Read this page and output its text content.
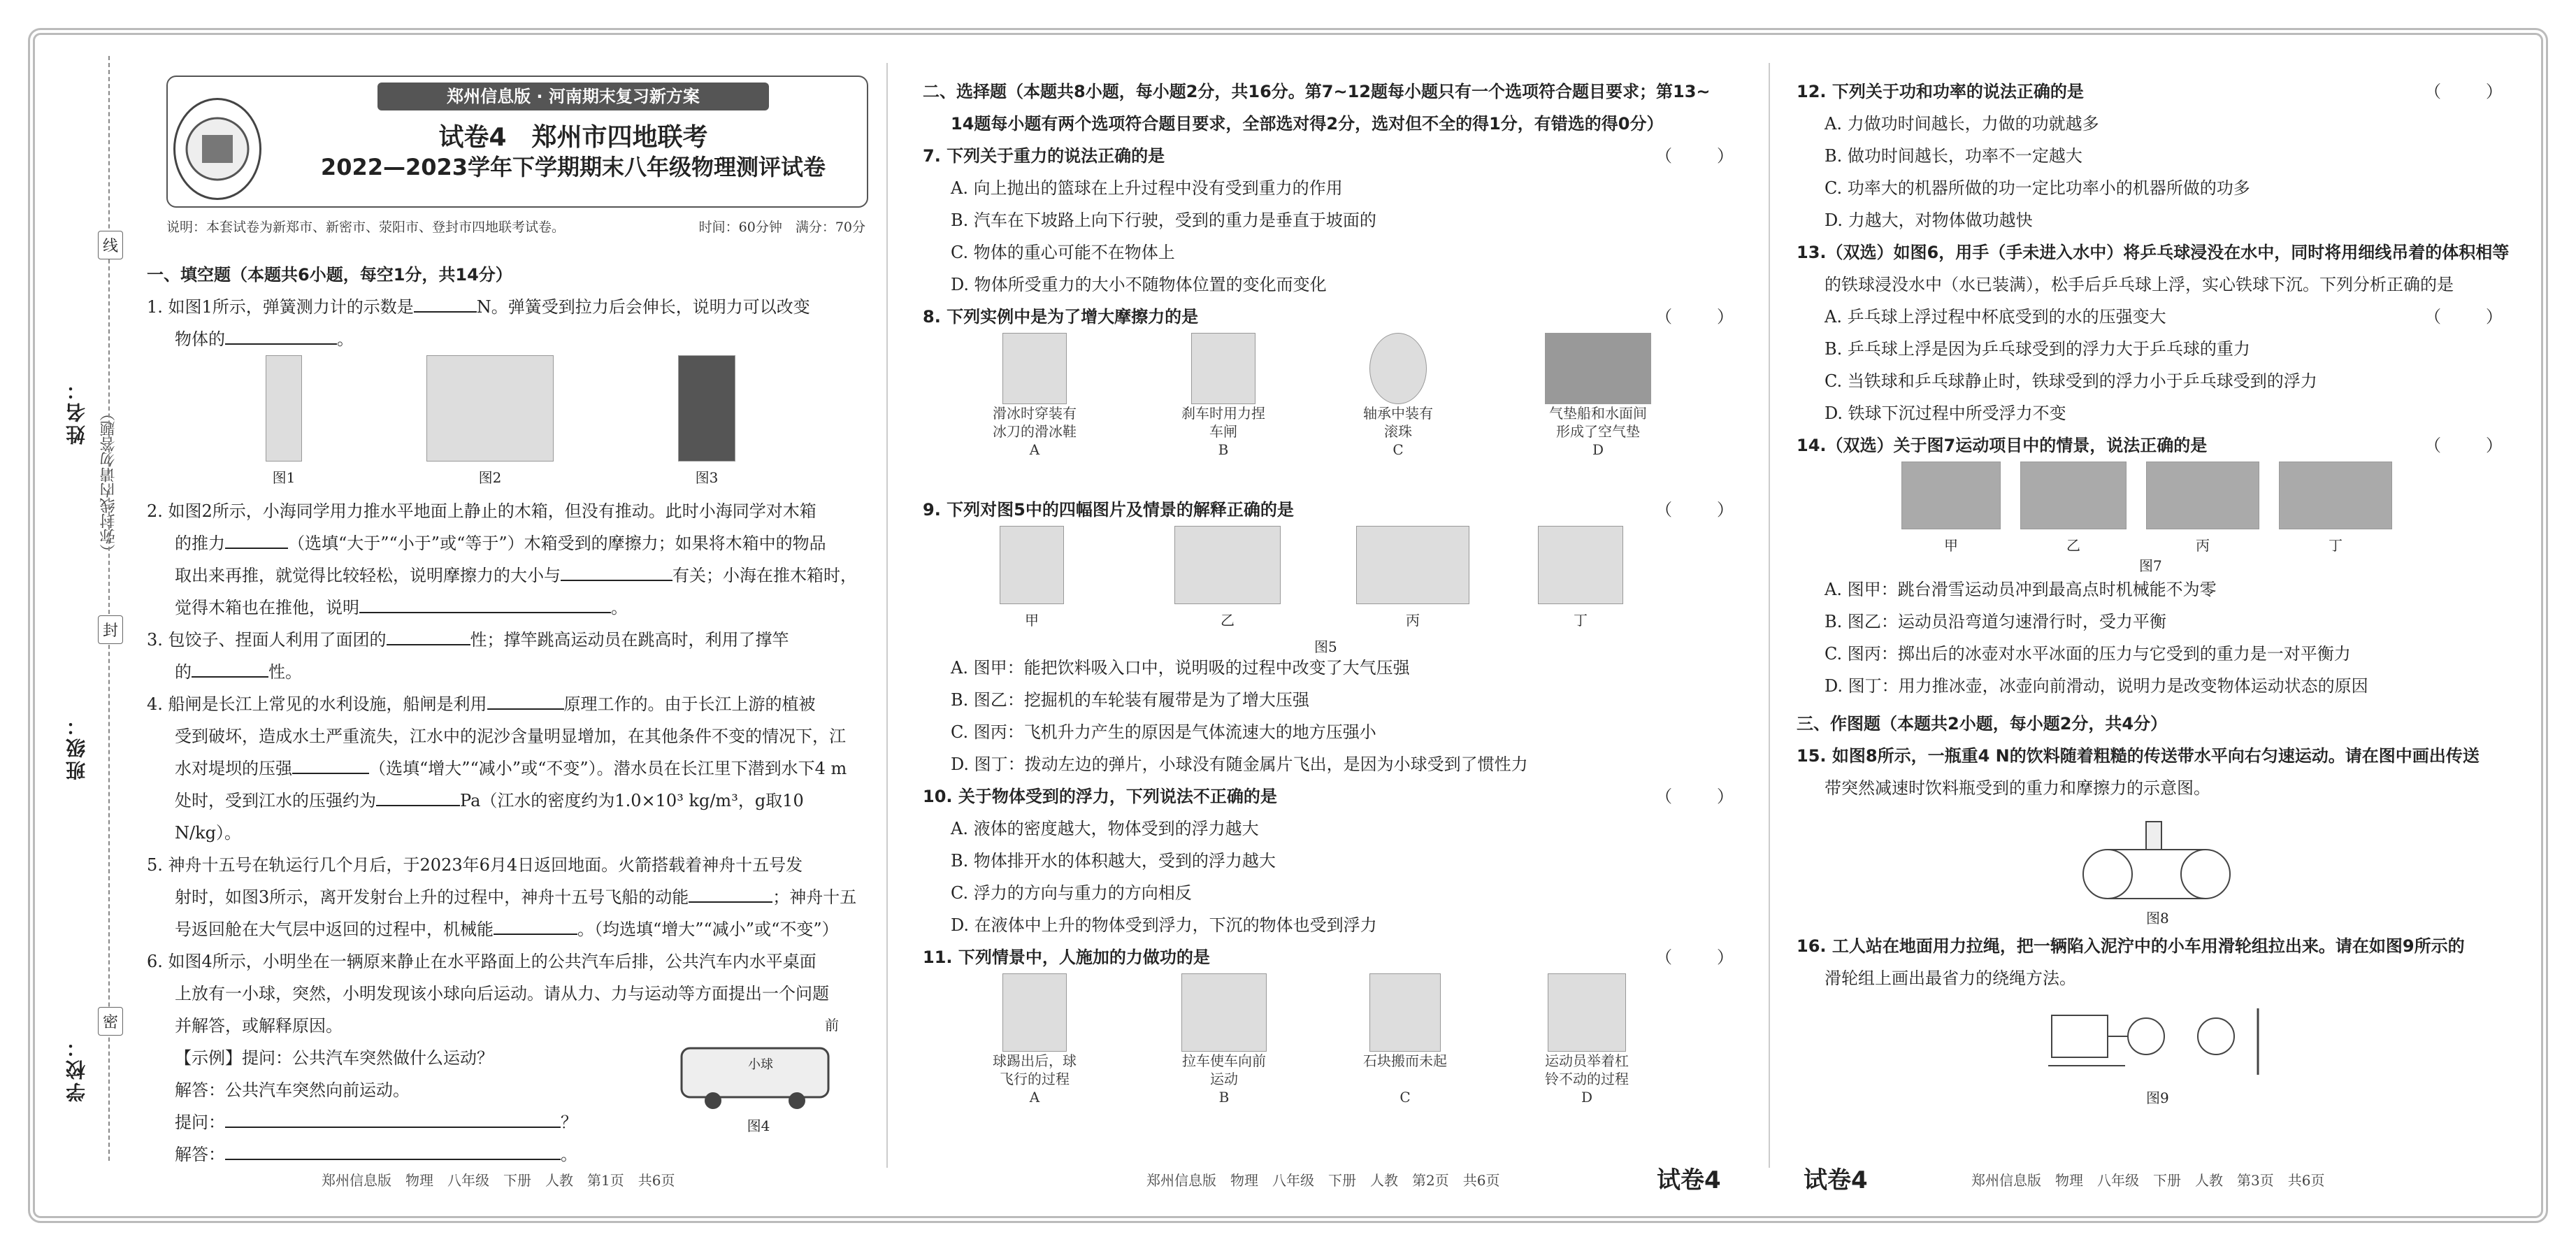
姓名：
班级：
学校：
（弥封线内请勿答题）
线
封
密
郑州信息版 · 河南期末复习新方案
试卷4　郑州市四地联考
2022—2023学年下学期期末八年级物理测评试卷
说明：本套试卷为新郑市、新密市、荥阳市、登封市四地联考试卷。	时间：60分钟　满分：70分

一、填空题（本题共6小题，每空1分，共14分）

1. 如图1所示，弹簧测力计的示数是	N。弹簧受到拉力后会伸长，说明力可以改变

物体的	。

图1	图2	图3

2. 如图2所示，小海同学用力推水平地面上静止的木箱，但没有推动。此时小海同学对木箱

的推力	（选填“大于”“小于”或“等于”）木箱受到的摩擦力；如果将木箱中的物品

取出来再推，就觉得比较轻松，说明摩擦力的大小与	有关；小海在推木箱时，

觉得木箱也在推他，说明	。

3. 包饺子、捏面人利用了面团的	性；撑竿跳高运动员在跳高时，利用了撑竿

的	性。

4. 船闸是长江上常见的水利设施，船闸是利用	原理工作的。由于长江上游的植被

受到破坏，造成水土严重流失，江水中的泥沙含量明显增加，在其他条件不变的情况下，江

水对堤坝的压强	（选填“增大”“减小”或“不变”）。潜水员在长江里下潜到水下4 m

处时，受到江水的压强约为	Pa（江水的密度约为1.0×10³ kg/m³，g取10 N/kg）。

5. 神舟十五号在轨运行几个月后，于2023年6月4日返回地面。火箭搭载着神舟十五号发

射时，如图3所示，离开发射台上升的过程中，神舟十五号飞船的动能	；神舟十五

号返回舱在大气层中返回的过程中，机械能	。（均选填“增大”“减小”或“不变”）

6. 如图4所示，小明坐在一辆原来静止在水平路面上的公共汽车后排，公共汽车内水平桌面

上放有一小球，突然，小明发现该小球向后运动。请从力、力与运动等方面提出一个问题

并解答，或解释原因。

【示例】提问：公共汽车突然做什么运动？

解答：公共汽车突然向前运动。

提问：	？

解答：	。

前
小球
图4

二、选择题（本题共8小题，每小题2分，共16分。第7~12题每小题只有一个选项符合题目要求；第13~

14题每小题有两个选项符合题目要求，全部选对得2分，选对但不全的得1分，有错选的得0分）

7. 下列关于重力的说法正确的是	（　）

A. 向上抛出的篮球在上升过程中没有受到重力的作用

B. 汽车在下坡路上向下行驶，受到的重力是垂直于坡面的

C. 物体的重心可能不在物体上

D. 物体所受重力的大小不随物体位置的变化而变化

8. 下列实例中是为了增大摩擦力的是	（　）

滑冰时穿装有
冰刀的滑冰鞋
A
刹车时用力捏
车闸
B
轴承中装有
滚珠
C
气垫船和水面间
形成了空气垫
D

9. 下列对图5中的四幅图片及情景的解释正确的是	（　）

甲	乙	丙	丁
图5

A. 图甲：能把饮料吸入口中，说明吸的过程中改变了大气压强

B. 图乙：挖掘机的车轮装有履带是为了增大压强

C. 图丙：飞机升力产生的原因是气体流速大的地方压强小

D. 图丁：拨动左边的弹片，小球没有随金属片飞出，是因为小球受到了惯性力

10. 关于物体受到的浮力，下列说法不正确的是	（　）

A. 液体的密度越大，物体受到的浮力越大

B. 物体排开水的体积越大，受到的浮力越大

C. 浮力的方向与重力的方向相反

D. 在液体中上升的物体受到浮力，下沉的物体也受到浮力

11. 下列情景中，人施加的力做功的是	（　）

球踢出后，球
飞行的过程
A
拉车使车向前
运动
B
石块搬而未起
C
运动员举着杠
铃不动的过程
D

12. 下列关于功和功率的说法正确的是	（　）

A. 力做功时间越长，力做的功就越多

B. 做功时间越长，功率不一定越大

C. 功率大的机器所做的功一定比功率小的机器所做的功多

D. 力越大，对物体做功越快

13.（双选）如图6，用手（手未进入水中）将乒乓球浸没在水中，同时将用细线吊着的体积相等

的铁球浸没水中（水已装满），松手后乒乓球上浮，实心铁球下沉。下列分析正确的是
（　）

A. 乒乓球上浮过程中杯底受到的水的压强变大

B. 乒乓球上浮是因为乒乓球受到的浮力大于乒乓球的重力

C. 当铁球和乒乓球静止时，铁球受到的浮力小于乒乓球受到的浮力

D. 铁球下沉过程中所受浮力不变

14.（双选）关于图7运动项目中的情景，说法正确的是	（　）

甲	乙	丙	丁
图7

A. 图甲：跳台滑雪运动员冲到最高点时机械能不为零

B. 图乙：运动员沿弯道匀速滑行时，受力平衡

C. 图丙：掷出后的冰壶对水平冰面的压力与它受到的重力是一对平衡力

D. 图丁：用力推冰壶，冰壶向前滑动，说明力是改变物体运动状态的原因

三、作图题（本题共2小题，每小题2分，共4分）

15. 如图8所示，一瓶重4 N的饮料随着粗糙的传送带水平向右匀速运动。请在图中画出传送

带突然减速时饮料瓶受到的重力和摩擦力的示意图。

图8

16. 工人站在地面用力拉绳，把一辆陷入泥泞中的小车用滑轮组拉出来。请在如图9所示的

滑轮组上画出最省力的绕绳方法。

图9
郑州信息版　物理　八年级　下册　人教　第1页　共6页	郑州信息版　物理　八年级　下册　人教　第2页　共6页	试卷4	试卷4	郑州信息版　物理　八年级　下册　人教　第3页　共6页
